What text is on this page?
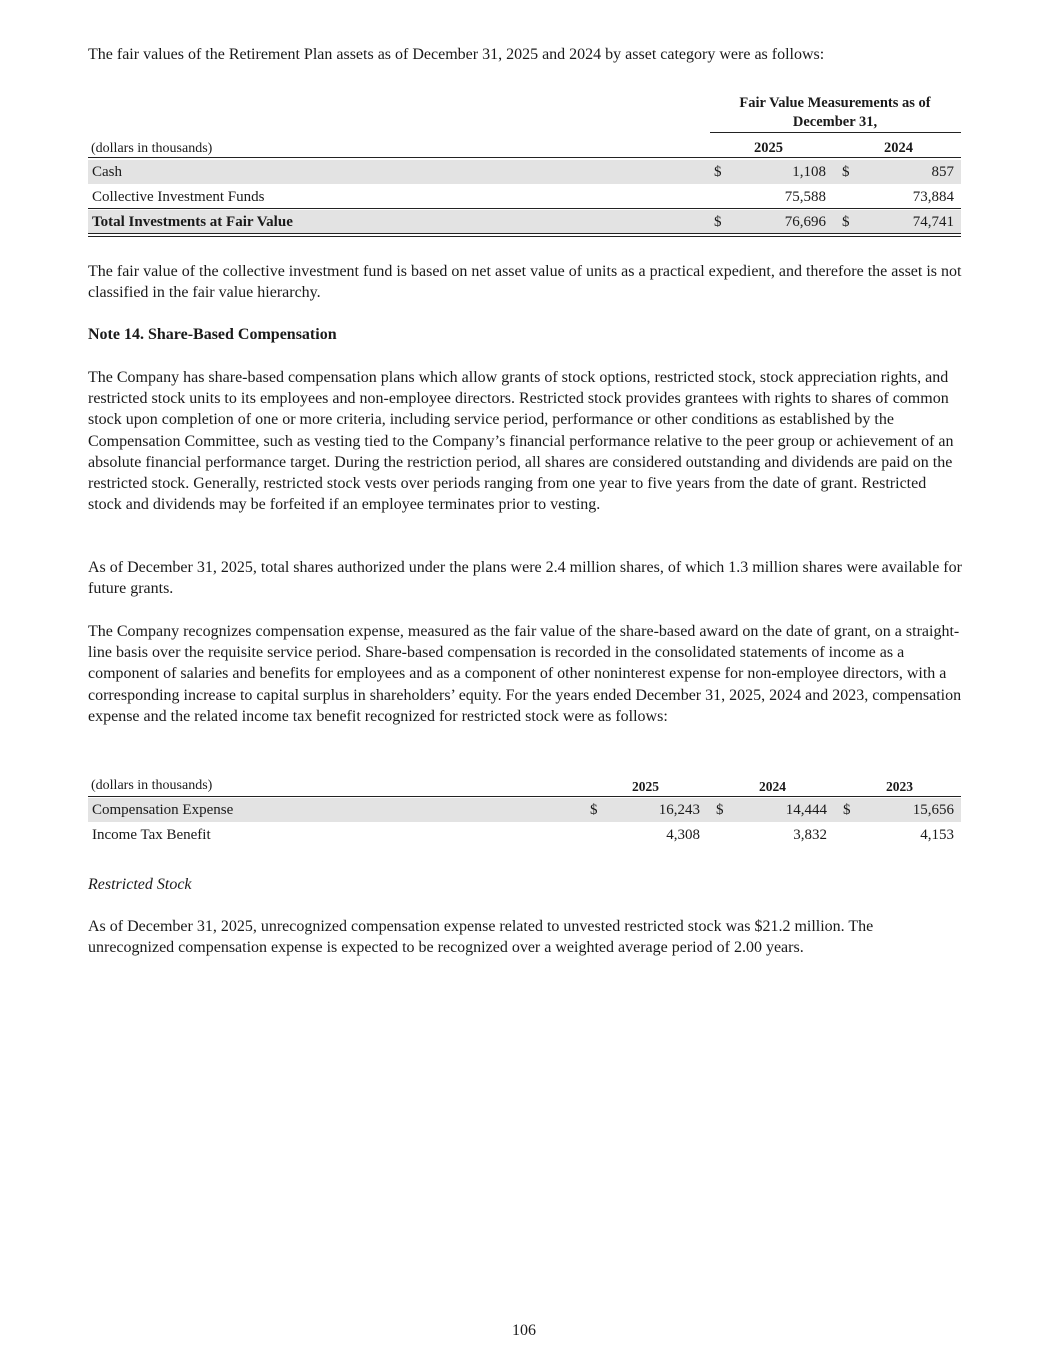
The fair values of the Retirement Plan assets as of December 31, 2025 and 2024 by asset category were as follows:

Fair Value Measurements as of December 31,
(dollars in thousands)	2025	2024
Cash	$	1,108 $	857
Collective Investment Funds	75,588	73,884
Total Investments at Fair Value	$	76,696 $	74,741

The fair value of the collective investment fund is based on net asset value of units as a practical expedient, and therefore the asset is not classified in the fair value hierarchy.

Note 14. Share-Based Compensation

The Company has share-based compensation plans which allow grants of stock options, restricted stock, stock appreciation rights, and restricted stock units to its employees and non-employee directors. Restricted stock provides grantees with rights to shares of common stock upon completion of one or more criteria, including service period, performance or other conditions as established by the Compensation Committee, such as vesting tied to the Company’s financial performance relative to the peer group or achievement of an absolute financial performance target. During the restriction period, all shares are considered outstanding and dividends are paid on the restricted stock. Generally, restricted stock vests over periods ranging from one year to five years from the date of grant. Restricted stock and dividends may be forfeited if an employee terminates prior to vesting.

As of December 31, 2025, total shares authorized under the plans were 2.4 million shares, of which 1.3 million shares were available for future grants.

The Company recognizes compensation expense, measured as the fair value of the share-based award on the date of grant, on a straight-line basis over the requisite service period. Share-based compensation is recorded in the consolidated statements of income as a component of salaries and benefits for employees and as a component of other noninterest expense for non-employee directors, with a corresponding increase to capital surplus in shareholders’ equity. For the years ended December 31, 2025, 2024 and 2023, compensation expense and the related income tax benefit recognized for restricted stock were as follows:

(dollars in thousands)	2025	2024	2023
Compensation Expense	$	16,243 $	14,444 $	15,656
Income Tax Benefit	4,308	3,832	4,153

Restricted Stock

As of December 31, 2025, unrecognized compensation expense related to unvested restricted stock was $21.2 million. The unrecognized compensation expense is expected to be recognized over a weighted average period of 2.00 years.

106
